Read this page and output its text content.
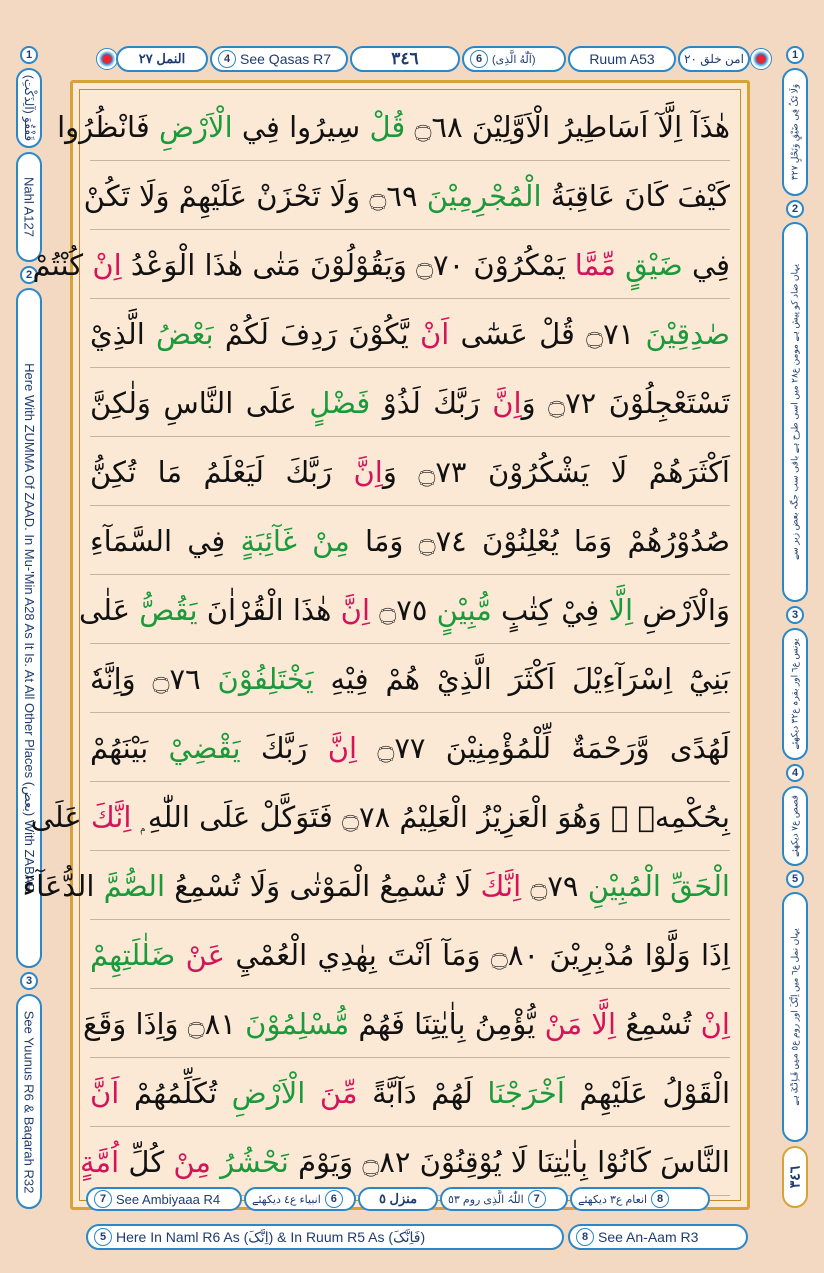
النمل ٢٧	4 See Qasas R7	٣٤٦	6 (آلّٰهُ الَّذِی)	Ruum A53 امن خلق ٢٠
1
(آلِذَکْتِ) قَفْقُوَ
Nahl A127
2
Here With ZUMMA Of ZAAD. In Mu-'Min A28 As It Is. At All Other Places (بعض) With ZABAR
3
See Yuunus R6 & Baqarah R32
1
وَلَا تَکُ فِی ضَیْقٍ وَنَحْلٍ ٣٢٧
2
یہاں ضاد کو پیش ہے مومن ع٢٨ میں اسی طرح ہے باقی سب جگہ بعض زبر سے
3
یونس ع٦ اور بقرہ ع٣٢ دیکھئے
4
قصص ع٧ دیکھئے
5
یہاں نمل ع٦ میں اِنَّکَ اور روم ع٥ میں فَاِنَّکَ ہے
٣٤٦
هٰذَآ اِلَّآ اَسَاطِيرُ الْاَوَّلِيْنَ ۝٦٨ قُلْ سِيرُوا فِي الْاَرْضِ فَانْظُرُوا
كَيْفَ كَانَ عَاقِبَةُ الْمُجْرِمِيْنَ ۝٦٩ وَلَا تَحْزَنْ عَلَيْهِمْ وَلَا تَكُنْ
فِي ضَيْقٍ مِّمَّا يَمْكُرُوْنَ ۝٧٠ وَيَقُوْلُوْنَ مَتٰى هٰذَا الْوَعْدُ اِنْ كُنْتُمْ
صٰدِقِيْنَ ۝٧١ قُلْ عَسٰٓى اَنْ يَّكُوْنَ رَدِفَ لَكُمْ بَعْضُ الَّذِيْ
تَسْتَعْجِلُوْنَ ۝٧٢ وَاِنَّ رَبَّكَ لَذُوْ فَضْلٍ عَلَى النَّاسِ وَلٰكِنَّ
اَكْثَرَهُمْ لَا يَشْكُرُوْنَ ۝٧٣ وَاِنَّ رَبَّكَ لَيَعْلَمُ مَا تُكِنُّ
صُدُوْرُهُمْ وَمَا يُعْلِنُوْنَ ۝٧٤ وَمَا مِنْ غَآئِبَةٍ فِي السَّمَآءِ
وَالْاَرْضِ اِلَّا فِيْ كِتٰبٍ مُّبِيْنٍ ۝٧٥ اِنَّ هٰذَا الْقُرْاٰنَ يَقُصُّ عَلٰى
بَنِيْٓ اِسْرَآءِيْلَ اَكْثَرَ الَّذِيْ هُمْ فِيْهِ يَخْتَلِفُوْنَ ۝٧٦ وَاِنَّهٗ
لَهُدًى وَّرَحْمَةٌ لِّلْمُؤْمِنِيْنَ ۝٧٧ اِنَّ رَبَّكَ يَقْضِيْ بَيْنَهُمْ
بِحُكْمِهٖ ۚ وَهُوَ الْعَزِيْزُ الْعَلِيْمُ ۝٧٨ فَتَوَكَّلْ عَلَى اللّٰهِ ۭ اِنَّكَ عَلَى
الْحَقِّ الْمُبِيْنِ ۝٧٩ اِنَّكَ لَا تُسْمِعُ الْمَوْتٰى وَلَا تُسْمِعُ الصُّمَّ الدُّعَآءَ
اِذَا وَلَّوْا مُدْبِرِيْنَ ۝٨٠ وَمَآ اَنْتَ بِهٰدِي الْعُمْيِ عَنْ ضَلٰلَتِهِمْ
اِنْ تُسْمِعُ اِلَّا مَنْ يُّؤْمِنُ بِاٰيٰتِنَا فَهُمْ مُّسْلِمُوْنَ ۝٨١ وَاِذَا وَقَعَ
الْقَوْلُ عَلَيْهِمْ اَخْرَجْنَا لَهُمْ دَآبَّةً مِّنَ الْاَرْضِ تُكَلِّمُهُمْ اَنَّ
النَّاسَ كَانُوْا بِاٰيٰتِنَا لَا يُوْقِنُوْنَ ۝٨٢ وَيَوْمَ نَحْشُرُ مِنْ كُلِّ اُمَّةٍ
7 See Ambiyaaa R4	انبیاء ع٤ دیکھئے 6	منزل ٥	اللّٰہُ الَّذِی روم ٥٣ 7	انعام ع٣ دیکھئے 8
5 Here In Naml R6 As (اِنَّکَ) & In Ruum R5 As (فَاِنَّکَ)	8 See An-Aam R3
